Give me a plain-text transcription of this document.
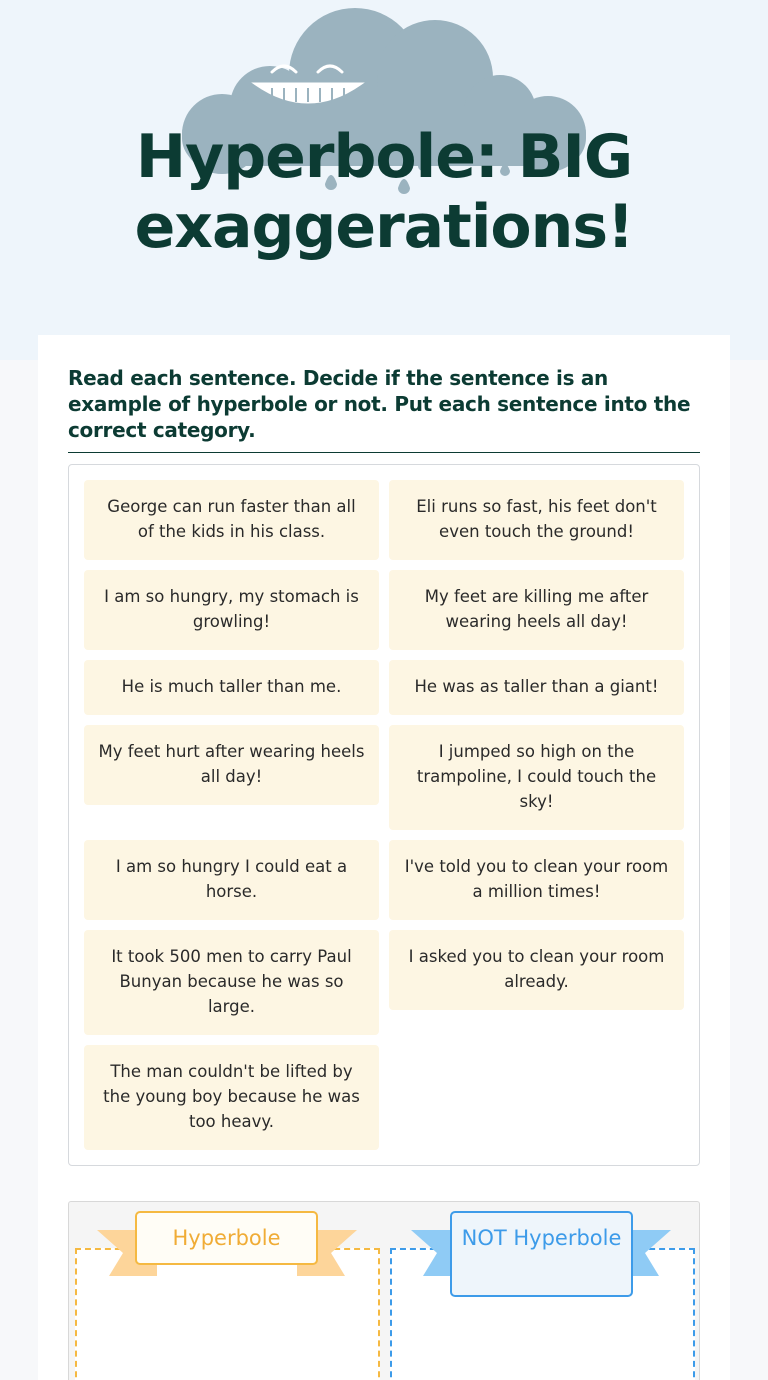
Hyperbole: BIG
exaggerations!
Read each sentence. Decide if the sentence is an example of hyperbole or not. Put each sentence into the correct category.
George can run faster than all of the kids in his class.
Eli runs so fast, his feet don't even touch the ground!
I am so hungry, my stomach is growling!
My feet are killing me after wearing heels all day!
He is much taller than me.	He was as taller than a giant!
My feet hurt after wearing heels all day!
I jumped so high on the trampoline, I could touch the sky!
I am so hungry I could eat a horse.
I've told you to clean your room a million times!
It took 500 men to carry Paul Bunyan because he was so large.
I asked you to clean your room already.
The man couldn't be lifted by the young boy because he was too heavy.
Hyperbole	NOT Hyperbole
